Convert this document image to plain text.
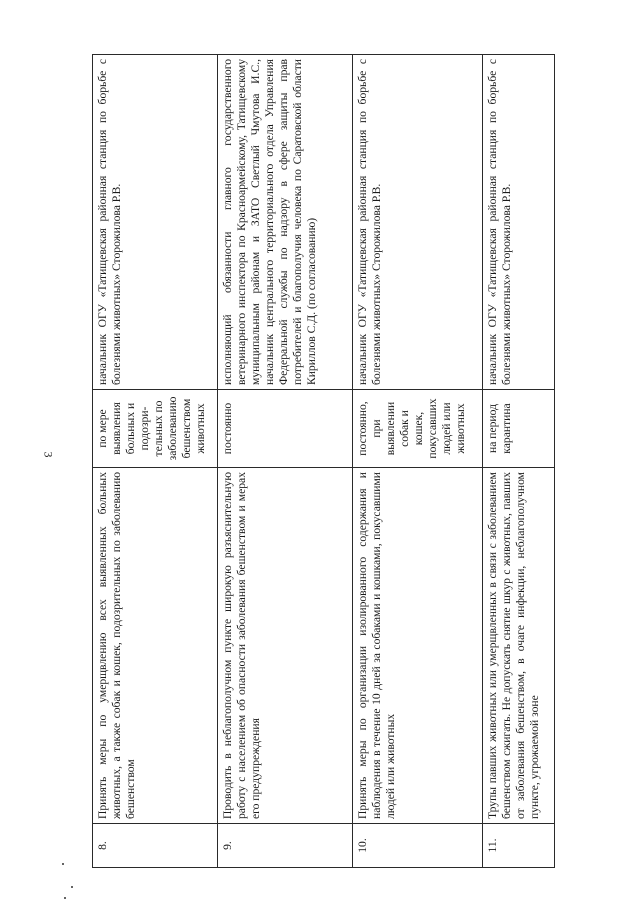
3
8.	Принять меры по умерщвлению всех выявленных больных животных, а также собак и кошек, подозрительных по заболеванию бешенством	по мере выявления больных и подозри-тельных по заболеванию бешенством животных	начальник ОГУ «Татищевская районная станция по борьбе с болезнями животных» Сторожилова Р.В.
9.	Проводить в неблагополучном пункте широкую разъяснительную работу с населением об опасности заболевания бешенством и мерах его предупреждения	постоянно	исполняющий обязанности главного государственного ветеринарного инспектора по Красноармейскому, Татищевскому муниципальным районам и ЗАТО Светлый Чмутова И.С., начальник центрального территориального отдела Управления Федеральной службы по надзору в сфере защиты прав потребителей и благополучия человека по Саратовской области Кириллов С.Д. (по согласованию)
10.	Принять меры по организации изолированного содержания и наблюдения в течение 10 дней за собаками и кошками, покусавшими людей или животных	постоянно, при выявлении собак и кошек, покусавших людей или животных	начальник ОГУ «Татищевская районная станция по борьбе с болезнями животных» Сторожилова Р.В.
11.	Трупы павших животных или умерщвленных в связи с заболеванием бешенством сжигать. Не допускать снятие шкур с животных, павших от заболевания бешенством, в очаге инфекции, неблагополучном пункте, угрожаемой зоне	на период карантина	начальник ОГУ «Татищевская районная станция по борьбе с болезнями животных» Сторожилова Р.В.
